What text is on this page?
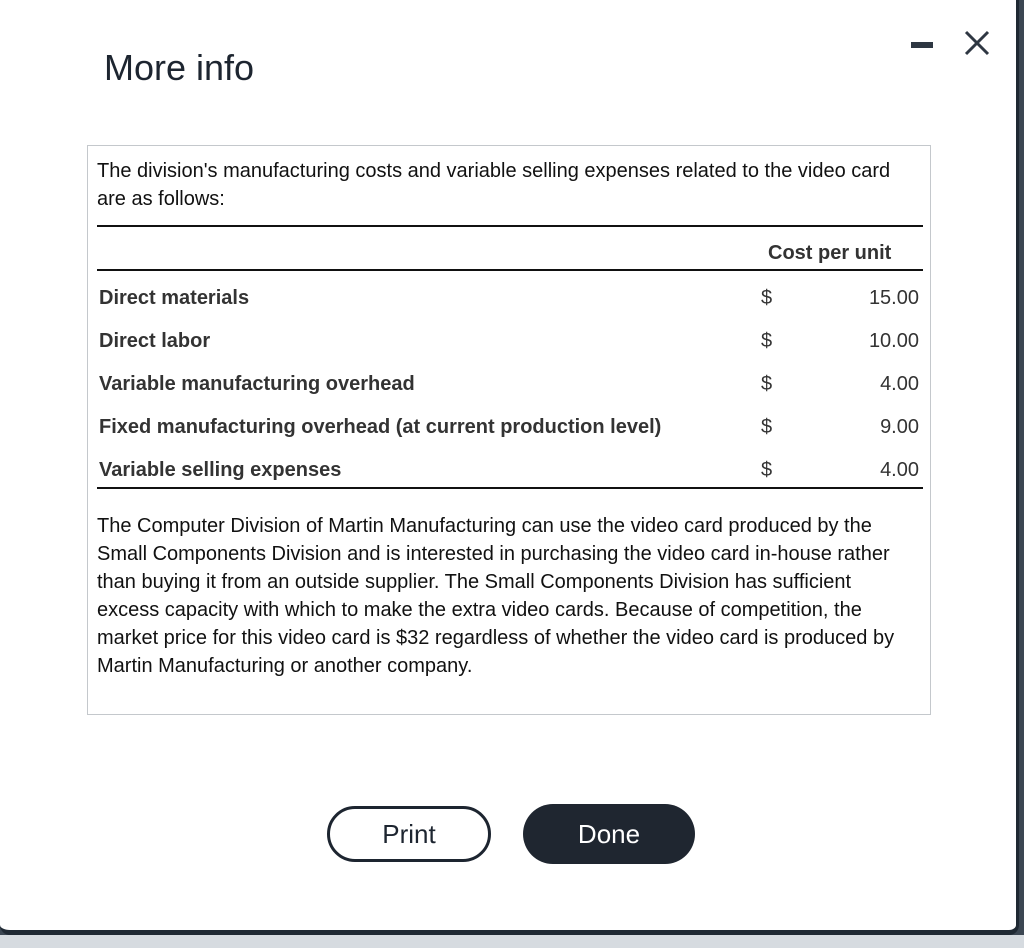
More info

The division's manufacturing costs and variable selling expenses related to the video card are as follows:

Cost per unit
Direct materials	$	15.00
Direct labor	$	10.00
Variable manufacturing overhead	$	4.00
Fixed manufacturing overhead (at current production level)	$	9.00
Variable selling expenses	$	4.00

The Computer Division of Martin Manufacturing can use the video card produced by the Small Components Division and is interested in purchasing the video card in-house rather than buying it from an outside supplier. The Small Components Division has sufficient excess capacity with which to make the extra video cards. Because of competition, the market price for this video card is $32 regardless of whether the video card is produced by Martin Manufacturing or another company.

Print	Done
